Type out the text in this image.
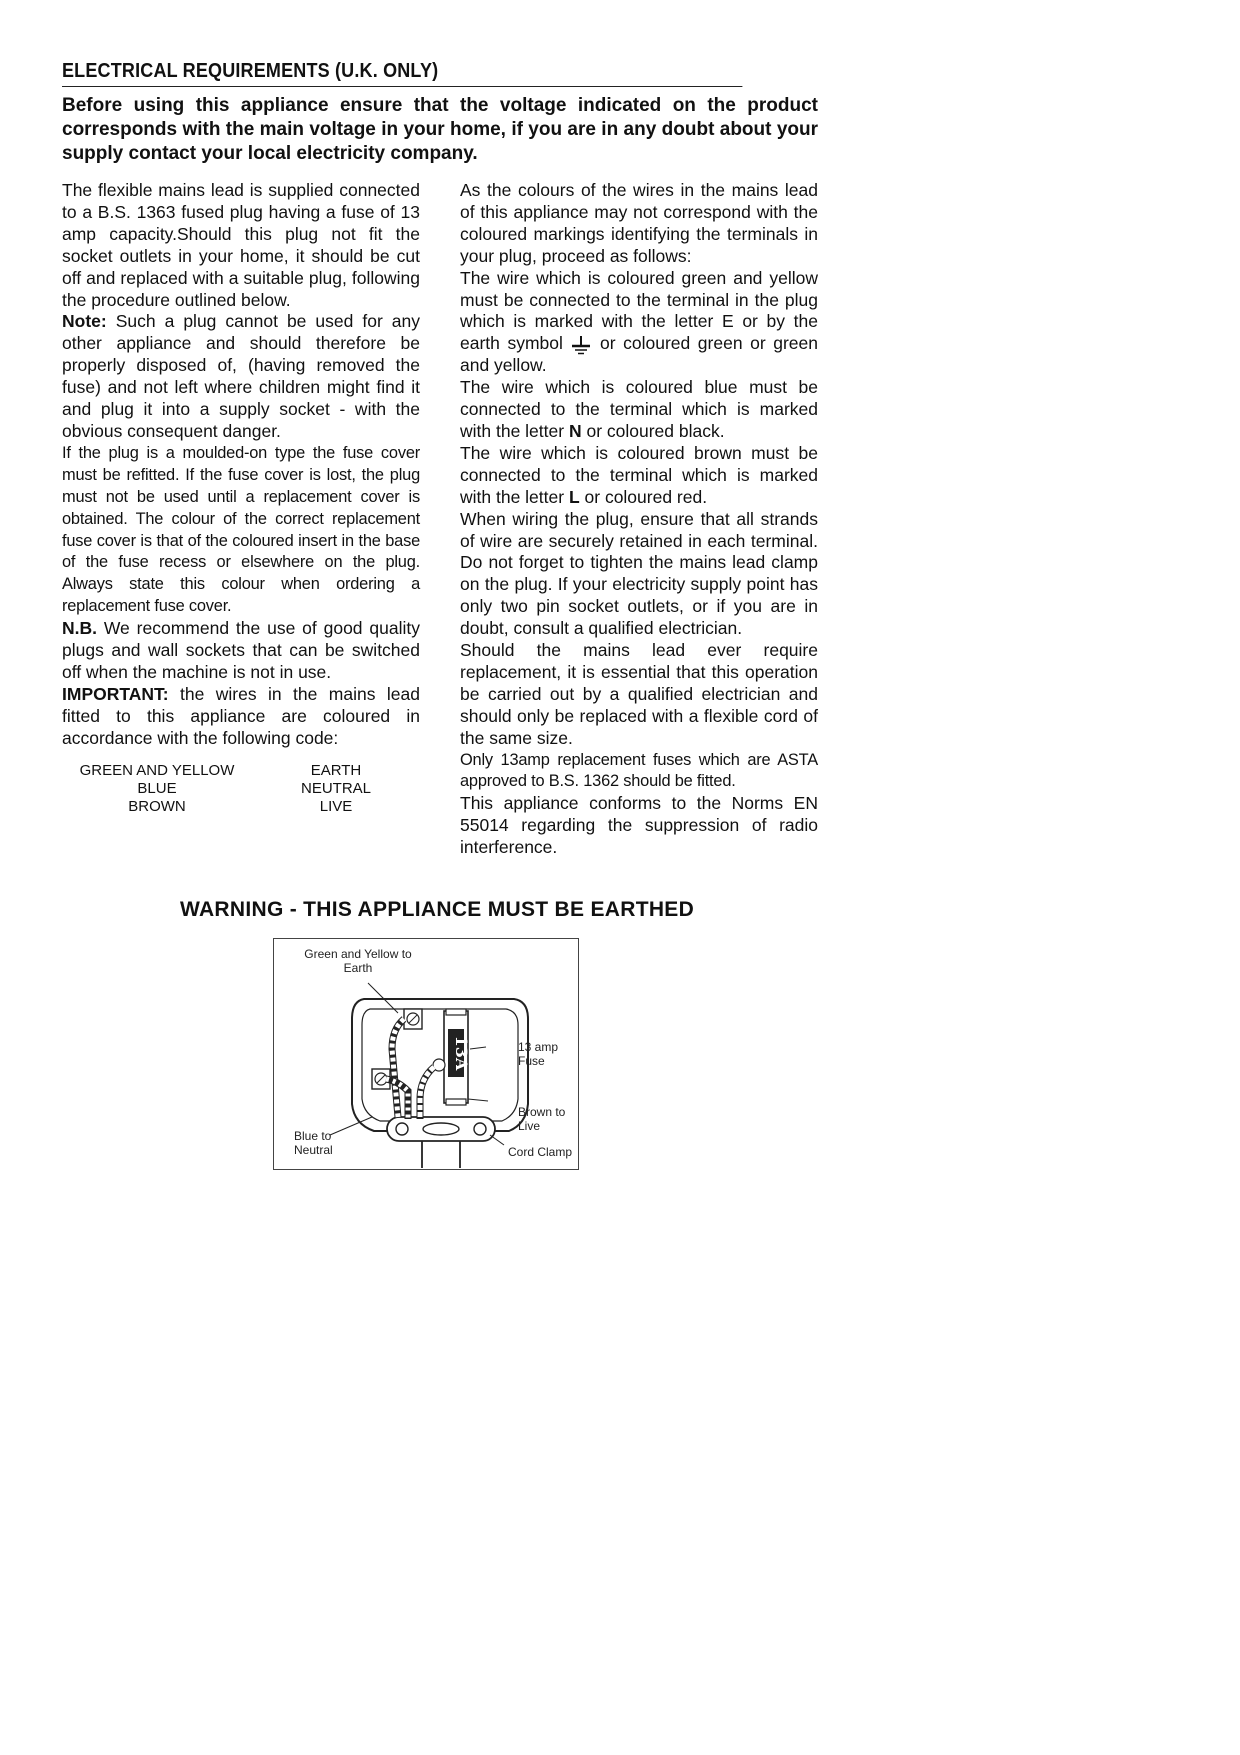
ELECTRICAL REQUIREMENTS (U.K. ONLY)
Before using this appliance ensure that the voltage indicated on the product corresponds with the main voltage in your home, if you are in any doubt about your supply contact your local electricity company.

The flexible mains lead is supplied connected to a B.S. 1363 fused plug having a fuse of 13 amp capacity.Should this plug not fit the socket outlets in your home, it should be cut off and replaced with a suitable plug, following the procedure outlined below.

Note: Such a plug cannot be used for any other appliance and should therefore be properly disposed of, (having removed the fuse) and not left where children might find it and plug it into a supply socket - with the obvious consequent danger.

If the plug is a moulded-on type the fuse cover must be refitted. If the fuse cover is lost, the plug must not be used until a replacement cover is obtained. The colour of the correct replacement fuse cover is that of the coloured insert in the base of the fuse recess or elsewhere on the plug. Always state this colour when ordering a replacement fuse cover.

N.B. We recommend the use of good quality plugs and wall sockets that can be switched off when the machine is not in use.

IMPORTANT: the wires in the mains lead fitted to this appliance are coloured in accordance with the following code:

GREEN AND YELLOW	EARTH
BLUE	NEUTRAL
BROWN	LIVE

As the colours of the wires in the mains lead of this appliance may not correspond with the coloured markings identifying the terminals in your plug, proceed as follows:

The wire which is coloured green and yellow must be connected to the terminal in the plug which is marked with the letter E or by the earth symbol  or coloured green or green and yellow.

The wire which is coloured blue must be connected to the terminal which is marked with the letter N or coloured black.

The wire which is coloured brown must be connected to the terminal which is marked with the letter L or coloured red.

When wiring the plug, ensure that all strands of wire are securely retained in each terminal. Do not forget to tighten the mains lead clamp on the plug. If your electricity supply point has only two pin socket outlets, or if you are in doubt, consult a qualified electrician.

Should the mains lead ever require replacement, it is essential that this operation be carried out by a qualified electrician and should only be replaced with a flexible cord of the same size.

Only 13amp replacement fuses which are ASTA approved to B.S. 1362 should be fitted.

This appliance conforms to the Norms EN 55014 regarding the suppression of radio interference.

WARNING - THIS APPLIANCE MUST BE EARTHED
13A
Green and Yellow to
Earth
13 amp
Fuse
Brown to
Live
Blue to
Neutral	Cord Clamp
